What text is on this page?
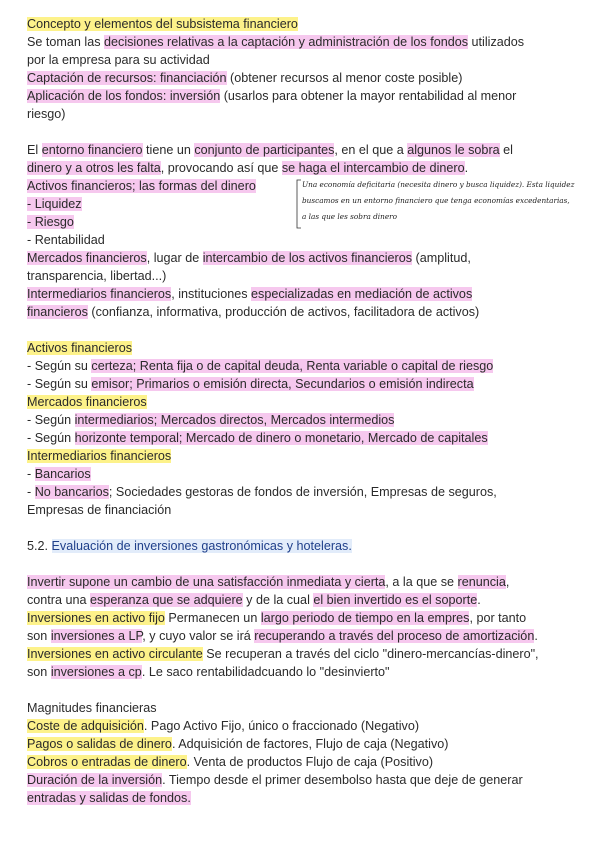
Concepto y elementos del subsistema financiero
Se toman las decisiones relativas a la captación y administración de los fondos utilizados
por la empresa para su actividad
Captación de recursos: financiación (obtener recursos al menor coste posible)
Aplicación de los fondos: inversión (usarlos para obtener la mayor rentabilidad al menor
riesgo)
El entorno financiero tiene un conjunto de participantes, en el que a algunos le sobra el
dinero y a otros les falta, provocando así que se haga el intercambio de dinero.
Activos financieros; las formas del dinero
- Liquidez
- Riesgo
- Rentabilidad
Mercados financieros, lugar de intercambio de los activos financieros (amplitud,
transparencia, libertad...)
Intermediarios financieros, instituciones especializadas en mediación de activos
financieros (confianza, informativa, producción de activos, facilitadora de activos)
Activos financieros
- Según su certeza; Renta fija o de capital deuda, Renta variable o capital de riesgo
- Según su emisor; Primarios o emisión directa, Secundarios o emisión indirecta
Mercados financieros
- Según intermediarios; Mercados directos, Mercados intermedios
- Según horizonte temporal; Mercado de dinero o monetario, Mercado de capitales
Intermediarios financieros
- Bancarios
- No bancarios; Sociedades gestoras de fondos de inversión, Empresas de seguros,
Empresas de financiación
5.2. Evaluación de inversiones gastronómicas y hoteleras.
Invertir supone un cambio de una satisfacción inmediata y cierta, a la que se renuncia,
contra una esperanza que se adquiere y de la cual el bien invertido es el soporte.
Inversiones en activo fijo Permanecen un largo periodo de tiempo en la empres, por tanto
son inversiones a LP, y cuyo valor se irá recuperando a través del proceso de amortización.
Inversiones en activo circulante Se recuperan a través del ciclo "dinero-mercancías-dinero",
son inversiones a cp. Le saco rentabilidadcuando lo "desinvierto"
Magnitudes financieras
Coste de adquisición. Pago Activo Fijo, único o fraccionado (Negativo)
Pagos o salidas de dinero. Adquisición de factores, Flujo de caja (Negativo)
Cobros o entradas de dinero. Venta de productos Flujo de caja (Positivo)
Duración de la inversión. Tiempo desde el primer desembolso hasta que deje de generar
entradas y salidas de fondos.
Una economía deficitaria (necesita dinero y busca liquidez). Esta liquidez
buscamos en un entorno financiero que tenga economías excedentarias,
a las que les sobra dinero
